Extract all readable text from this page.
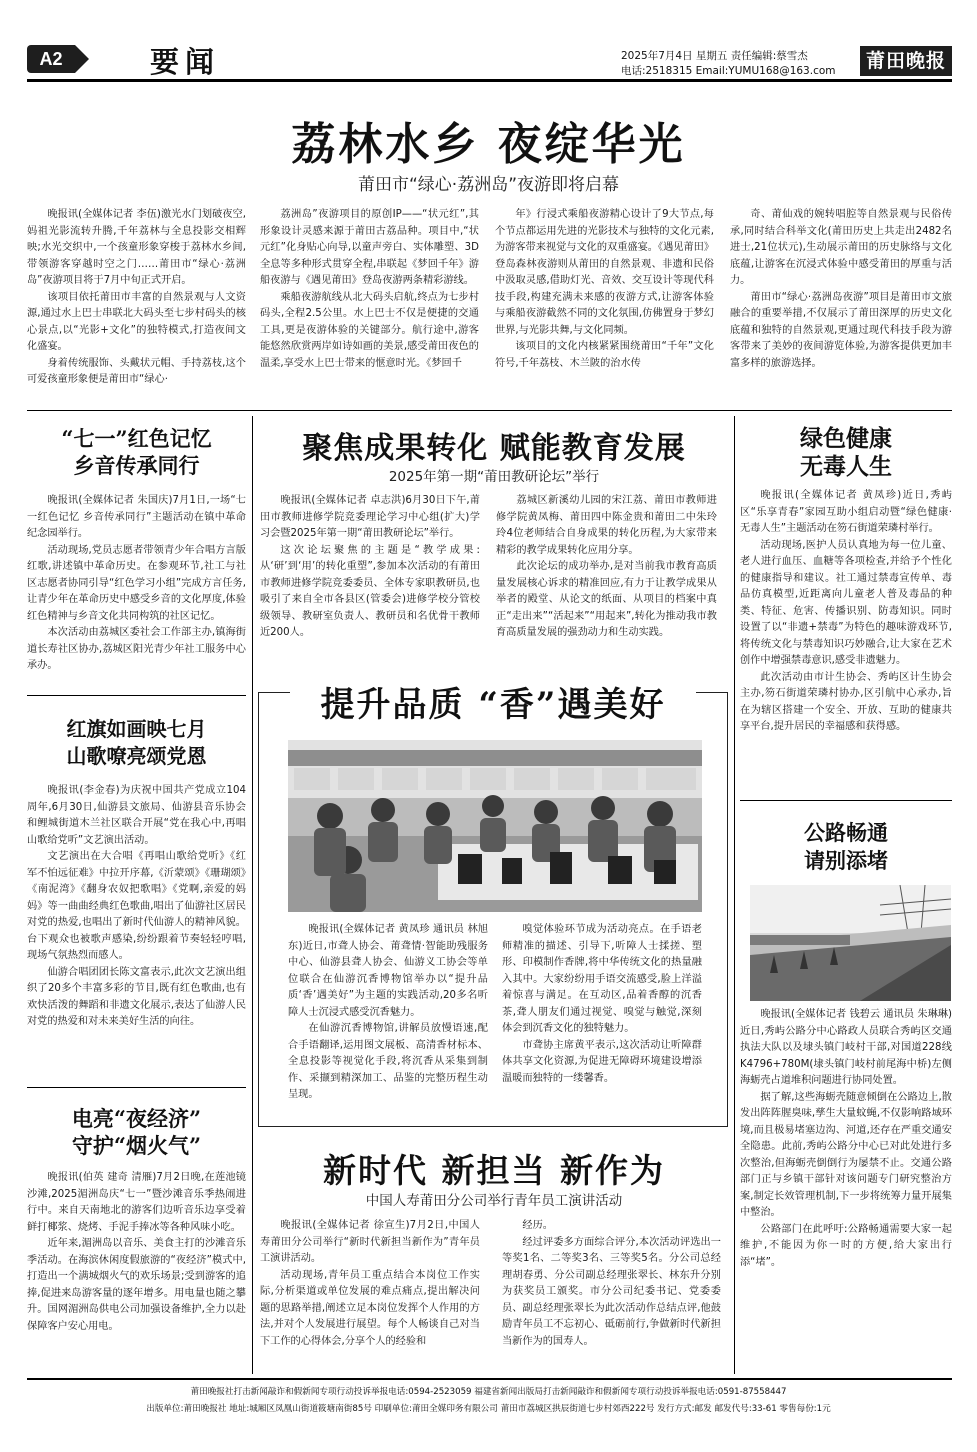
A2	要闻	2025年7月4日 星期五 责任编辑:蔡雪杰
电话:2518315 Email:YUMU168@163.com	莆田晚报
荔林水乡 夜绽华光
莆田市“绿心·荔洲岛”夜游即将启幕
晚报讯(全媒体记者 李伍)激光水门划破夜空,妈祖光影流转升腾,千年荔林与全息投影交相辉映;水光交织中,一个孩童形象穿梭于荔林水乡间,带领游客穿越时空之门……莆田市“绿心·荔洲岛”夜游项目将于7月中旬正式开启。
该项目依托莆田市丰富的自然景观与人文资源,通过水上巴士串联北大码头至七步村码头的核心景点,以“光影+文化”的独特模式,打造夜间文化盛宴。
身着传统服饰、头戴状元帽、手持荔枝,这个可爱孩童形象便是莆田市“绿心·
荔洲岛”夜游项目的原创IP——“状元红”,其形象设计灵感来源于莆田古荔品种。项目中,“状元红”化身贴心向导,以童声旁白、实体雕塑、3D全息等多种形式贯穿全程,串联起《梦回千年》游船夜游与《遇见莆田》登岛夜游两条精彩游线。
乘船夜游航线从北大码头启航,终点为七步村码头,全程2.5公里。水上巴士不仅是便捷的交通工具,更是夜游体验的关键部分。航行途中,游客能悠然欣赏两岸如诗如画的美景,感受莆田夜色的温柔,享受水上巴士带来的惬意时光。《梦回千
年》行浸式乘船夜游精心设计了9大节点,每个节点都运用先进的光影技术与独特的文化元素,为游客带来视觉与文化的双重盛宴。《遇见莆田》登岛森林夜游则从莆田的自然景观、非遗和民俗中汲取灵感,借助灯光、音效、交互设计等现代科技手段,构建充满未来感的夜游方式,让游客体验与乘船夜游截然不同的文化氛围,仿佛置身于梦幻世界,与光影共舞,与文化同频。
该项目的文化内核紧紧围绕莆田“千年”文化符号,千年荔枝、木兰陂的治水传
奇、莆仙戏的婉转唱腔等自然景观与民俗传承,同时结合科举文化(莆田历史上共走出2482名进士,21位状元),生动展示莆田的历史脉络与文化底蕴,让游客在沉浸式体验中感受莆田的厚重与活力。
莆田市“绿心·荔洲岛夜游”项目是莆田市文旅融合的重要举措,不仅展示了莆田深厚的历史文化底蕴和独特的自然景观,更通过现代科技手段为游客带来了美妙的夜间游览体验,为游客提供更加丰富多样的旅游选择。
“七一”红色记忆
乡音传承同行
晚报讯(全媒体记者 朱国庆)7月1日,一场“七一红色记忆 乡音传承同行”主题活动在镇中革命纪念园举行。
活动现场,党员志愿者带领青少年合唱方言版红歌,讲述镇中革命历史。在参观环节,社工与社区志愿者协同引导“红色学习小组”完成方言任务,让青少年在革命历史中感受乡音的文化厚度,体验红色精神与乡音文化共同构筑的社区记忆。
本次活动由荔城区委社会工作部主办,镇海街道长寿社区协办,荔城区阳光青少年社工服务中心承办。
红旗如画映七月
山歌嘹亮颂党恩
晚报讯(李金春)为庆祝中国共产党成立104周年,6月30日,仙游县文旅局、仙游县音乐协会和鲤城街道木兰社区联合开展“党在我心中,再唱山歌给党听”文艺演出活动。
文艺演出在大合唱《再唱山歌给党听》《红军不怕远征难》中拉开序幕,《沂蒙颂》《珊瑚颂》《南泥湾》《翻身农奴把歌唱》《党啊,亲爱的妈妈》等一曲曲经典红色歌曲,唱出了仙游社区居民对党的热爱,也唱出了新时代仙游人的精神风貌。台下观众也被歌声感染,纷纷跟着节奏轻轻哼唱,现场气氛热烈而感人。
仙游合唱团团长陈文富表示,此次文艺演出组织了20多个丰富多彩的节目,既有红色歌曲,也有欢快活泼的舞蹈和非遗文化展示,表达了仙游人民对党的热爱和对未来美好生活的向往。
电亮“夜经济”
守护“烟火气”
晚报讯(伯英 建奇 清雁)7月2日晚,在莲池镜沙滩,2025湄洲岛庆“七一”暨沙滩音乐季热闹进行中。来自天南地北的游客们边听音乐边享受着鲜打椰浆、烧烤、手泥手捧冰等各种风味小吃。
近年来,湄洲岛以音乐、美食主打的沙滩音乐季活动。在海滨休闲度假旅游的“夜经济”模式中,打造出一个满城烟火气的欢乐场景;受到游客的追捧,促进来岛游客量的逐年增多。用电量也随之攀升。国网湄洲岛供电公司加强设备维护,全力以赴保障客户安心用电。
聚焦成果转化 赋能教育发展
2025年第一期“莆田教研论坛”举行
晚报讯(全媒体记者 卓志洪)6月30日下午,莆田市教师进修学院竞委理论学习中心组(扩大)学习会暨2025年第一期“莆田教研论坛”举行。
这次论坛聚焦的主题是“教学成果:从‘研’到‘用’的转化重塑”,参加本次活动的有莆田市教师进修学院竞委委员、全体专家职教研员,也吸引了来自全市各县区(管委会)进修学校分管校级领导、教研室负责人、教研员和名优骨干教师近200人。
荔城区新溪幼儿园的宋江荔、莆田市教师进修学院黄凤梅、莆田四中陈金贵和莆田二中朱玲玲4位老师结合自身成果的转化历程,为大家带来精彩的教学成果转化应用分享。
此次论坛的成功举办,是对当前我市教育高质量发展核心诉求的精准回应,有力于让教学成果从举者的殿堂、从论文的纸面、从项目的档案中真正“走出来”“活起来”“用起来”,转化为推动我市教育高质量发展的强劲动力和生动实践。
提升品质 “香”遇美好
晚报讯(全媒体记者 黄凤珍 通讯员 林旭东)近日,市聋人协会、莆聋情·智能助残服务中心、仙游县聋人协会、仙游义工协会等单位联合在仙游沉香博物馆举办以“提升品质‘香’遇美好”为主题的实践活动,20多名听障人士沉浸式感受沉香魅力。
在仙游沉香博物馆,讲解员放慢语速,配合手语翻译,运用图文展板、高清香材标本、全息投影等视觉化手段,将沉香从采集到制作、采撷到精深加工、品鉴的完整历程生动呈现。
嗅觉体验环节成为活动亮点。在手语老师精准的描述、引导下,听障人士揉搓、塑形、印模制作香牌,将中华传统文化的热量融入其中。大家纷纷用手语交流感受,脸上洋溢着惊喜与满足。在互动区,品着香醇的沉香茶,聋人朋友们通过视觉、嗅觉与触觉,深刻体会到沉香文化的独特魅力。
市聋协主席黄平表示,这次活动让听障群体共享文化资源,为促进无障碍环境建设增添温暖而独特的一缕馨香。
新时代 新担当 新作为
中国人寿莆田分公司举行青年员工演讲活动
晚报讯(全媒体记者 徐宣生)7月2日,中国人寿莆田分公司举行“新时代新担当新作为”青年员工演讲活动。
活动现场,青年员工重点结合本岗位工作实际,分析渠道或单位发展的难点痛点,提出解决问题的思路举措,阐述立足本岗位发挥个人作用的方法,并对个人发展进行展望。每个人畅谈自己对当下工作的心得体会,分享个人的经验和
经历。
经过评委多方面综合评分,本次活动评选出一等奖1名、二等奖3名、三等奖5名。分公司总经理胡春勇、分公司副总经理张翠长、林东升分别为获奖员工颁奖。市分公司纪委书记、党委委员、副总经理张翠长为此次活动作总结点评,他鼓励青年员工不忘初心、砥砺前行,争做新时代新担当新作为的国寿人。
绿色健康
无毒人生
晚报讯(全媒体记者 黄凤珍)近日,秀屿区“乐享青春”家园互助小组启动暨“绿色健康·无毒人生”主题活动在笏石街道荣璘村举行。
活动现场,医护人员认真地为每一位儿童、老人进行血压、血糖等各项检查,并给予个性化的健康指导和建议。社工通过禁毒宣传单、毒品仿真模型,近距离向儿童老人普及毒品的种类、特征、危害、传播识别、防毒知识。同时设置了以“非遗+禁毒”为特色的趣味游戏环节,将传统文化与禁毒知识巧妙融合,让大家在艺术创作中增强禁毒意识,感受非遗魅力。
此次活动由市计生协会、秀屿区计生协会主办,笏石街道荣璘村协办,区引航中心承办,旨在为辖区搭建一个安全、开放、互助的健康共享平台,提升居民的幸福感和获得感。
公路畅通
请别添堵
晚报讯(全媒体记者 钱碧云 通讯员 朱琳琳)近日,秀屿公路分中心路政人员联合秀屿区交通执法大队以及埭头镇门岐村干部,对国道228线K4796+780M(埭头镇门岐村前尾海中桥)左侧海蛎壳占道堆积问题进行协同处置。
据了解,这些海蛎壳随意倾倒在公路边上,散发出阵阵腥臭味,孳生大量蚊蝇,不仅影响路域环境,而且极易堵塞边沟、河道,还存在严重交通安全隐患。此前,秀屿公路分中心已对此处进行多次整治,但海蛎壳倒倒行为屡禁不止。交通公路部门正与乡镇干部针对该问题专门研究整治方案,制定长效管理机制,下一步将统筹力量开展集中整治。
公路部门在此呼吁:公路畅通需要大家一起维护,不能因为你一时的方便,给大家出行添“堵”。
莆田晚报社打击新闻敲诈和假新闻专项行动投诉举报电话:0594-2523059 福建省新闻出版局打击新闻敲诈和假新闻专项行动投诉举报电话:0591-87558447
出版单位:莆田晚报社 地址:城厢区凤凰山街道筱塘南街85号 印刷单位:莆田全媒印务有限公司 莆田市荔城区拱辰街道七步村郊西222号 发行方式:邮发 邮发代号:33-61 零售每份:1元
